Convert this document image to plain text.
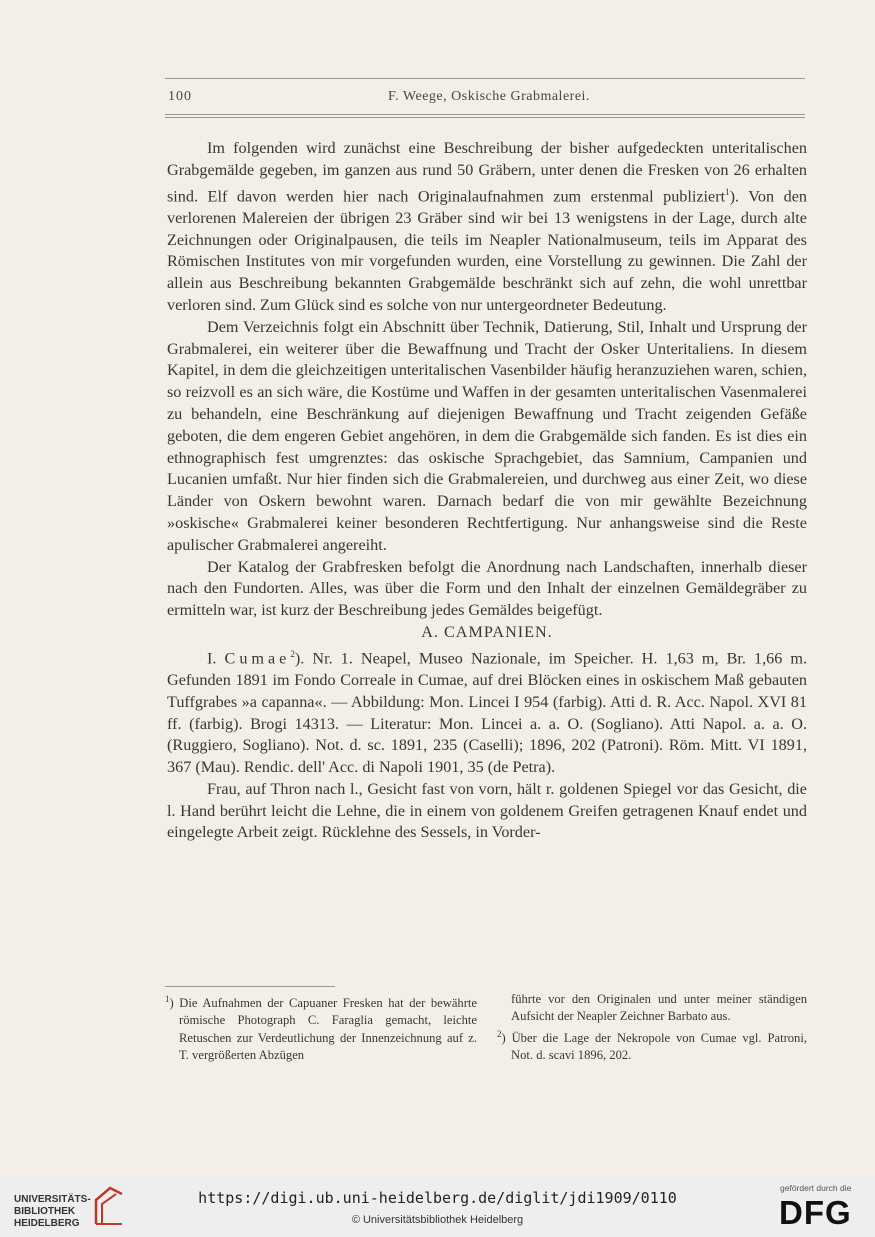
100	F. Weege, Oskische Grabmalerei.

Im folgenden wird zunächst eine Beschreibung der bisher aufgedeckten unteritalischen Grabgemälde gegeben, im ganzen aus rund 50 Gräbern, unter denen die Fresken von 26 erhalten sind. Elf davon werden hier nach Originalaufnahmen zum erstenmal publiziert$^1$). Von den verlorenen Malereien der übrigen 23 Gräber sind wir bei 13 wenigstens in der Lage, durch alte Zeichnungen oder Originalpausen, die teils im Neapler Nationalmuseum, teils im Apparat des Römischen Institutes von mir vorgefunden wurden, eine Vorstellung zu gewinnen. Die Zahl der allein aus Beschreibung bekannten Grabgemälde beschränkt sich auf zehn, die wohl unrettbar verloren sind. Zum Glück sind es solche von nur untergeordneter Bedeutung.

Dem Verzeichnis folgt ein Abschnitt über Technik, Datierung, Stil, Inhalt und Ursprung der Grabmalerei, ein weiterer über die Bewaffnung und Tracht der Osker Unteritaliens. In diesem Kapitel, in dem die gleichzeitigen unteritalischen Vasenbilder häufig heranzuziehen waren, schien, so reizvoll es an sich wäre, die Kostüme und Waffen in der gesamten unteritalischen Vasenmalerei zu behandeln, eine Beschränkung auf diejenigen Bewaffnung und Tracht zeigenden Gefäße geboten, die dem engeren Gebiet angehören, in dem die Grabgemälde sich fanden. Es ist dies ein ethnographisch fest umgrenztes: das oskische Sprachgebiet, das Samnium, Campanien und Lucanien umfaßt. Nur hier finden sich die Grabmalereien, und durchweg aus einer Zeit, wo diese Länder von Oskern bewohnt waren. Darnach bedarf die von mir gewählte Bezeichnung »oskische« Grabmalerei keiner besonderen Rechtfertigung. Nur anhangsweise sind die Reste apulischer Grabmalerei angereiht.

Der Katalog der Grabfresken befolgt die Anordnung nach Landschaften, innerhalb dieser nach den Fundorten. Alles, was über die Form und den Inhalt der einzelnen Gemäldegräber zu ermitteln war, ist kurz der Beschreibung jedes Gemäldes beigefügt.

A. CAMPANIEN.

I. Cumae$^2$). Nr. 1. Neapel, Museo Nazionale, im Speicher. H. 1,63 m, Br. 1,66 m. Gefunden 1891 im Fondo Correale in Cumae, auf drei Blöcken eines in oskischem Maß gebauten Tuffgrabes »a capanna«. — Abbildung: Mon. Lincei I 954 (farbig). Atti d. R. Acc. Napol. XVI 81 ff. (farbig). Brogi 14313. — Literatur: Mon. Lincei a. a. O. (Sogliano). Atti Napol. a. a. O. (Ruggiero, Sogliano). Not. d. sc. 1891, 235 (Caselli); 1896, 202 (Patroni). Röm. Mitt. VI 1891, 367 (Mau). Rendic. dell' Acc. di Napoli 1901, 35 (de Petra).

Frau, auf Thron nach l., Gesicht fast von vorn, hält r. goldenen Spiegel vor das Gesicht, die l. Hand berührt leicht die Lehne, die in einem von goldenem Greifen getragenen Knauf endet und eingelegte Arbeit zeigt. Rücklehne des Sessels, in Vorder-

$^1$) Die Aufnahmen der Capuaner Fresken hat der bewährte römische Photograph C. Faraglia gemacht, leichte Retuschen zur Verdeutlichung der Innenzeichnung auf z. T. vergrößerten Abzügen

führte vor den Originalen und unter meiner ständigen Aufsicht der Neapler Zeichner Barbato aus.

$^2$) Über die Lage der Nekropole von Cumae vgl. Patroni, Not. d. scavi 1896, 202.

UNIVERSITÄTS-
BIBLIOTHEK
HEIDELBERG
https://digi.ub.uni-heidelberg.de/diglit/jdi1909/0110
© Universitätsbibliothek Heidelberg
gefördert durch die
DFG
